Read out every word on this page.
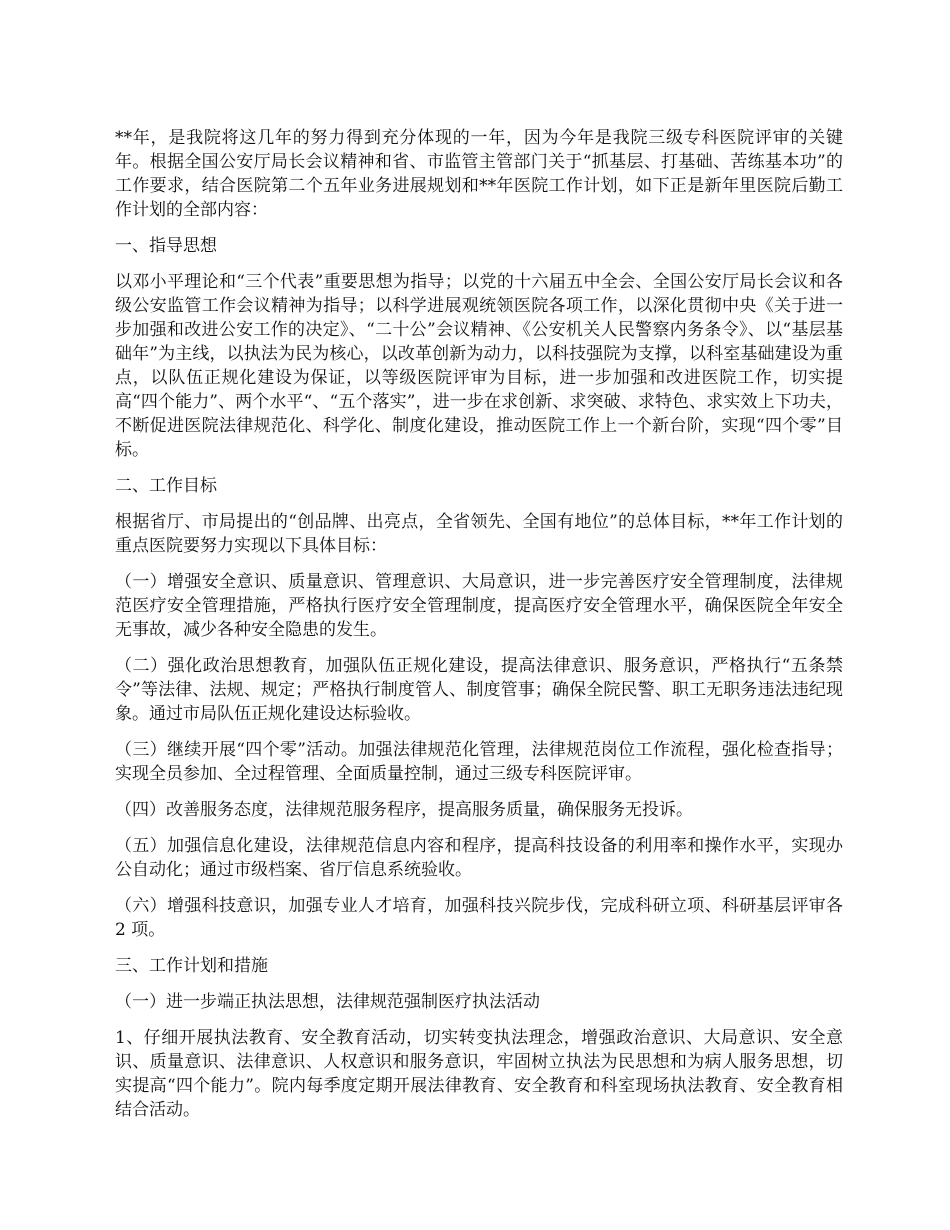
**年，是我院将这几年的努力得到充分体现的一年，因为今年是我院三级专科医院评审的关键年。根据全国公安厅局长会议精神和省、市监管主管部门关于“抓基层、打基础、苦练基本功”的工作要求，结合医院第二个五年业务进展规划和**年医院工作计划，如下正是新年里医院后勤工作计划的全部内容：

一、指导思想

以邓小平理论和“三个代表”重要思想为指导；以党的十六届五中全会、全国公安厅局长会议和各级公安监管工作会议精神为指导；以科学进展观统领医院各项工作，以深化贯彻中央《关于进一步加强和改进公安工作的决定》、“二十公”会议精神、《公安机关人民警察内务条令》、以“基层基础年”为主线，以执法为民为核心，以改革创新为动力，以科技强院为支撑，以科室基础建设为重点，以队伍正规化建设为保证，以等级医院评审为目标，进一步加强和改进医院工作，切实提高“四个能力”、两个水平“、“五个落实”，进一步在求创新、求突破、求特色、求实效上下功夫，不断促进医院法律规范化、科学化、制度化建设，推动医院工作上一个新台阶，实现“四个零”目标。

二、工作目标

根据省厅、市局提出的“创品牌、出亮点，全省领先、全国有地位”的总体目标，**年工作计划的重点医院要努力实现以下具体目标：

（一）增强安全意识、质量意识、管理意识、大局意识，进一步完善医疗安全管理制度，法律规范医疗安全管理措施，严格执行医疗安全管理制度，提高医疗安全管理水平，确保医院全年安全无事故，减少各种安全隐患的发生。

（二）强化政治思想教育，加强队伍正规化建设，提高法律意识、服务意识，严格执行“五条禁令”等法律、法规、规定；严格执行制度管人、制度管事；确保全院民警、职工无职务违法违纪现象。通过市局队伍正规化建设达标验收。

（三）继续开展“四个零”活动。加强法律规范化管理，法律规范岗位工作流程，强化检查指导；实现全员参加、全过程管理、全面质量控制，通过三级专科医院评审。

（四）改善服务态度，法律规范服务程序，提高服务质量，确保服务无投诉。

（五）加强信息化建设，法律规范信息内容和程序，提高科技设备的利用率和操作水平，实现办公自动化；通过市级档案、省厅信息系统验收。

（六）增强科技意识，加强专业人才培育，加强科技兴院步伐，完成科研立项、科研基层评审各 2 项。

三、工作计划和措施

（一）进一步端正执法思想，法律规范强制医疗执法活动

1、仔细开展执法教育、安全教育活动，切实转变执法理念，增强政治意识、大局意识、安全意识、质量意识、法律意识、人权意识和服务意识，牢固树立执法为民思想和为病人服务思想，切实提高“四个能力”。院内每季度定期开展法律教育、安全教育和科室现场执法教育、安全教育相结合活动。
